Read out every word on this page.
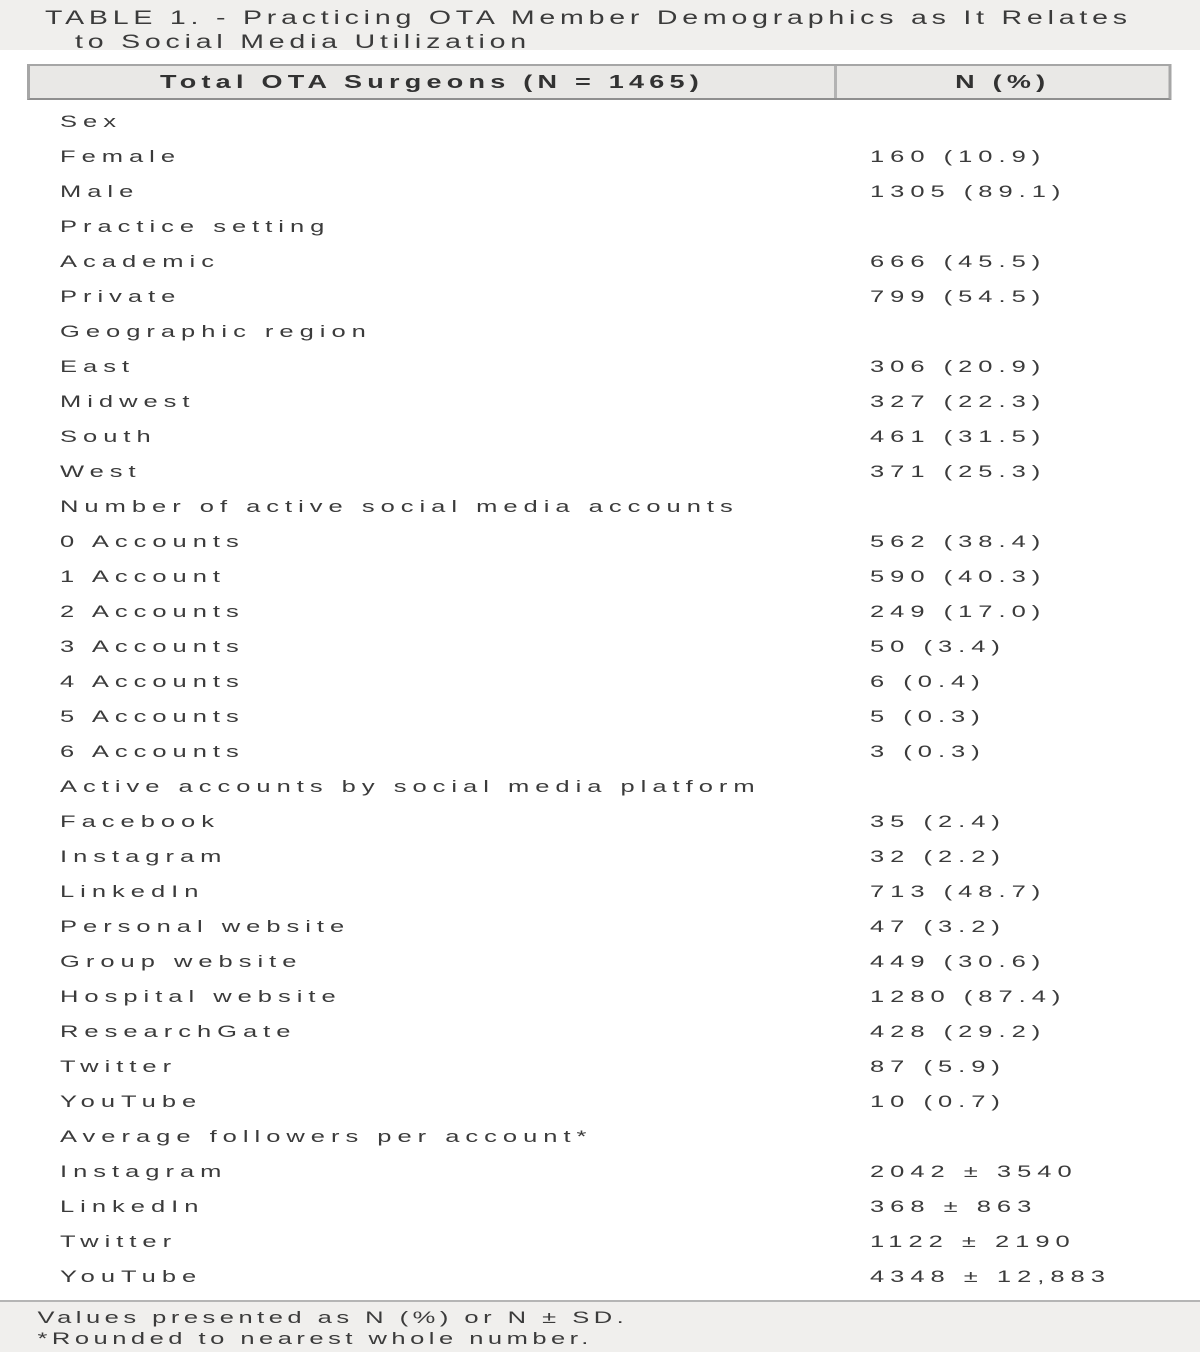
TABLE 1. - Practicing OTA Member Demographics as It Relates
to Social Media Utilization
Total OTA Surgeons (N = 1465)	N (%)
Sex
Female	160 (10.9)
Male	1305 (89.1)
Practice setting
Academic	666 (45.5)
Private	799 (54.5)
Geographic region
East	306 (20.9)
Midwest	327 (22.3)
South	461 (31.5)
West	371 (25.3)
Number of active social media accounts
0 Accounts	562 (38.4)
1 Account	590 (40.3)
2 Accounts	249 (17.0)
3 Accounts	50 (3.4)
4 Accounts	6 (0.4)
5 Accounts	5 (0.3)
6 Accounts	3 (0.3)
Active accounts by social media platform
Facebook	35 (2.4)
Instagram	32 (2.2)
LinkedIn	713 (48.7)
Personal website	47 (3.2)
Group website	449 (30.6)
Hospital website	1280 (87.4)
ResearchGate	428 (29.2)
Twitter	87 (5.9)
YouTube	10 (0.7)
Average followers per account*
Instagram	2042 ± 3540
LinkedIn	368 ± 863
Twitter	1122 ± 2190
YouTube	4348 ± 12,883
Values presented as N (%) or N ± SD.
*Rounded to nearest whole number.
